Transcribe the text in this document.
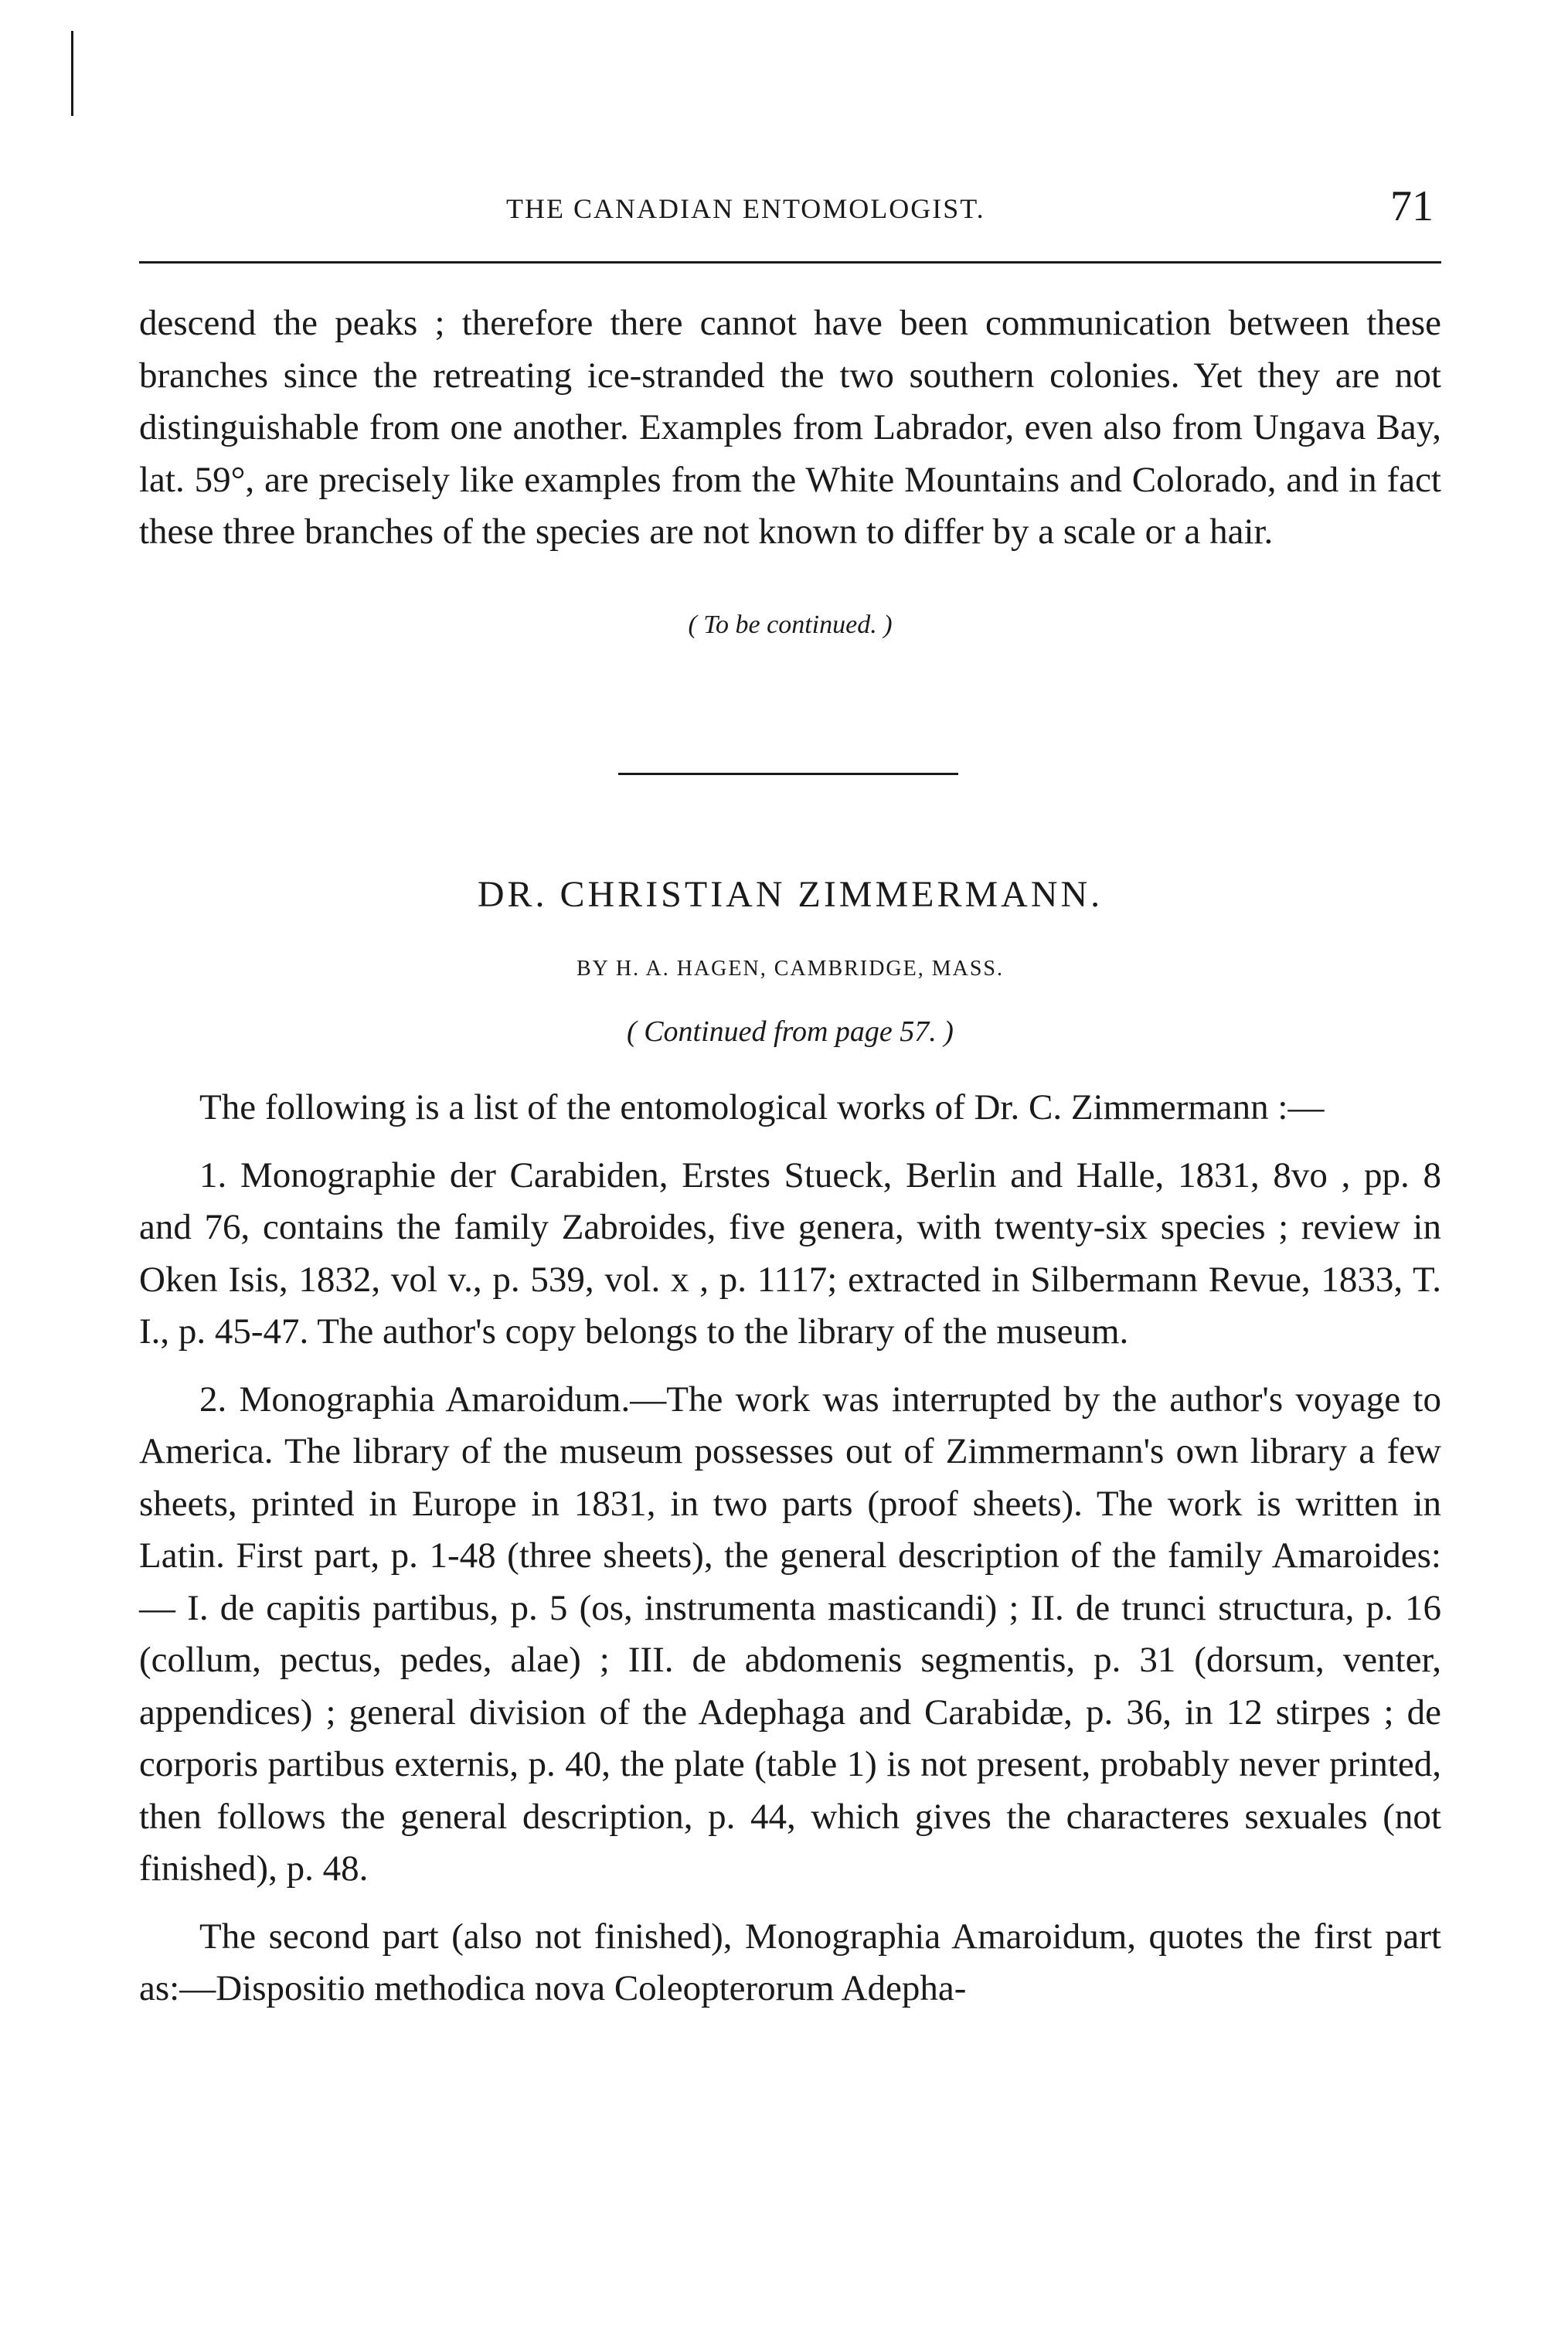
THE CANADIAN ENTOMOLOGIST.	71

descend the peaks ; therefore there cannot have been communication between these branches since the retreating ice-stranded the two southern colonies. Yet they are not distinguishable from one another. Examples from Labrador, even also from Ungava Bay, lat. 59°, are precisely like examples from the White Mountains and Colorado, and in fact these three branches of the species are not known to differ by a scale or a hair.

( To be continued. )
DR. CHRISTIAN ZIMMERMANN.
BY H. A. HAGEN, CAMBRIDGE, MASS.
( Continued from page 57. )

The following is a list of the entomological works of Dr. C. Zimmermann :—

1. Monographie der Carabiden, Erstes Stueck, Berlin and Halle, 1831, 8vo , pp. 8 and 76, contains the family Zabroides, five genera, with twenty-six species ; review in Oken Isis, 1832, vol v., p. 539, vol. x , p. 1117; extracted in Silbermann Revue, 1833, T. I., p. 45-47. The author's copy belongs to the library of the museum.

2. Monographia Amaroidum.—The work was interrupted by the author's voyage to America. The library of the museum possesses out of Zimmermann's own library a few sheets, printed in Europe in 1831, in two parts (proof sheets). The work is written in Latin. First part, p. 1-48 (three sheets), the general description of the family Amaroides:— I. de capitis partibus, p. 5 (os, instrumenta masticandi) ; II. de trunci structura, p. 16 (collum, pectus, pedes, alae) ; III. de abdomenis segmentis, p. 31 (dorsum, venter, appendices) ; general division of the Adephaga and Carabidæ, p. 36, in 12 stirpes ; de corporis partibus externis, p. 40, the plate (table 1) is not present, probably never printed, then follows the general description, p. 44, which gives the characteres sexuales (not finished), p. 48.

The second part (also not finished), Monographia Amaroidum, quotes the first part as:—Dispositio methodica nova Coleopterorum Adepha-
